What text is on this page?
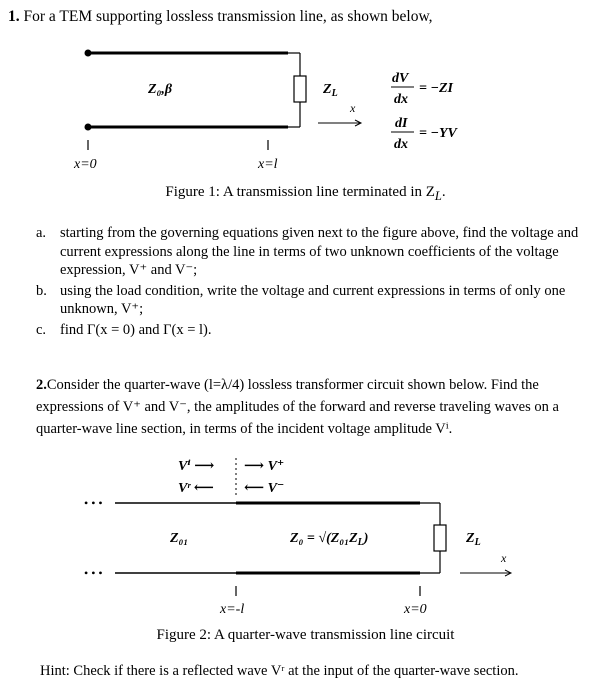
1. For a TEM supporting lossless transmission line, as shown below,
Z₀,β	$Z_L$
x
x=0	x=l
dV
dx
= −ZI
dI
dx
= −YV
Figure 1: A transmission line terminated in $Z_L$.
a. starting from the governing equations given next to the figure above, find the voltage and current expressions along the line in terms of two unknown coefficients of the voltage expression, V⁺ and V⁻;
b. using the load condition, write the voltage and current expressions in terms of only one unknown, V⁺;
c. find Γ(x = 0) and Γ(x = l).
2.Consider the quarter-wave (l=λ/4) lossless transformer circuit shown below. Find the expressions of V⁺ and V⁻, the amplitudes of the forward and reverse traveling waves on a quarter-wave line section, in terms of the incident voltage amplitude Vⁱ.
Vⁱ ⟶
Vʳ ⟵
⟶ V⁺
⟵ V⁻
• • •
• • •
Z₀₁	$Z_0 = √(Z_{01}Z_L)$	$Z_L$
x
x=-l	x=0
Figure 2: A quarter-wave transmission line circuit
Hint: Check if there is a reflected wave Vʳ at the input of the quarter-wave section.
